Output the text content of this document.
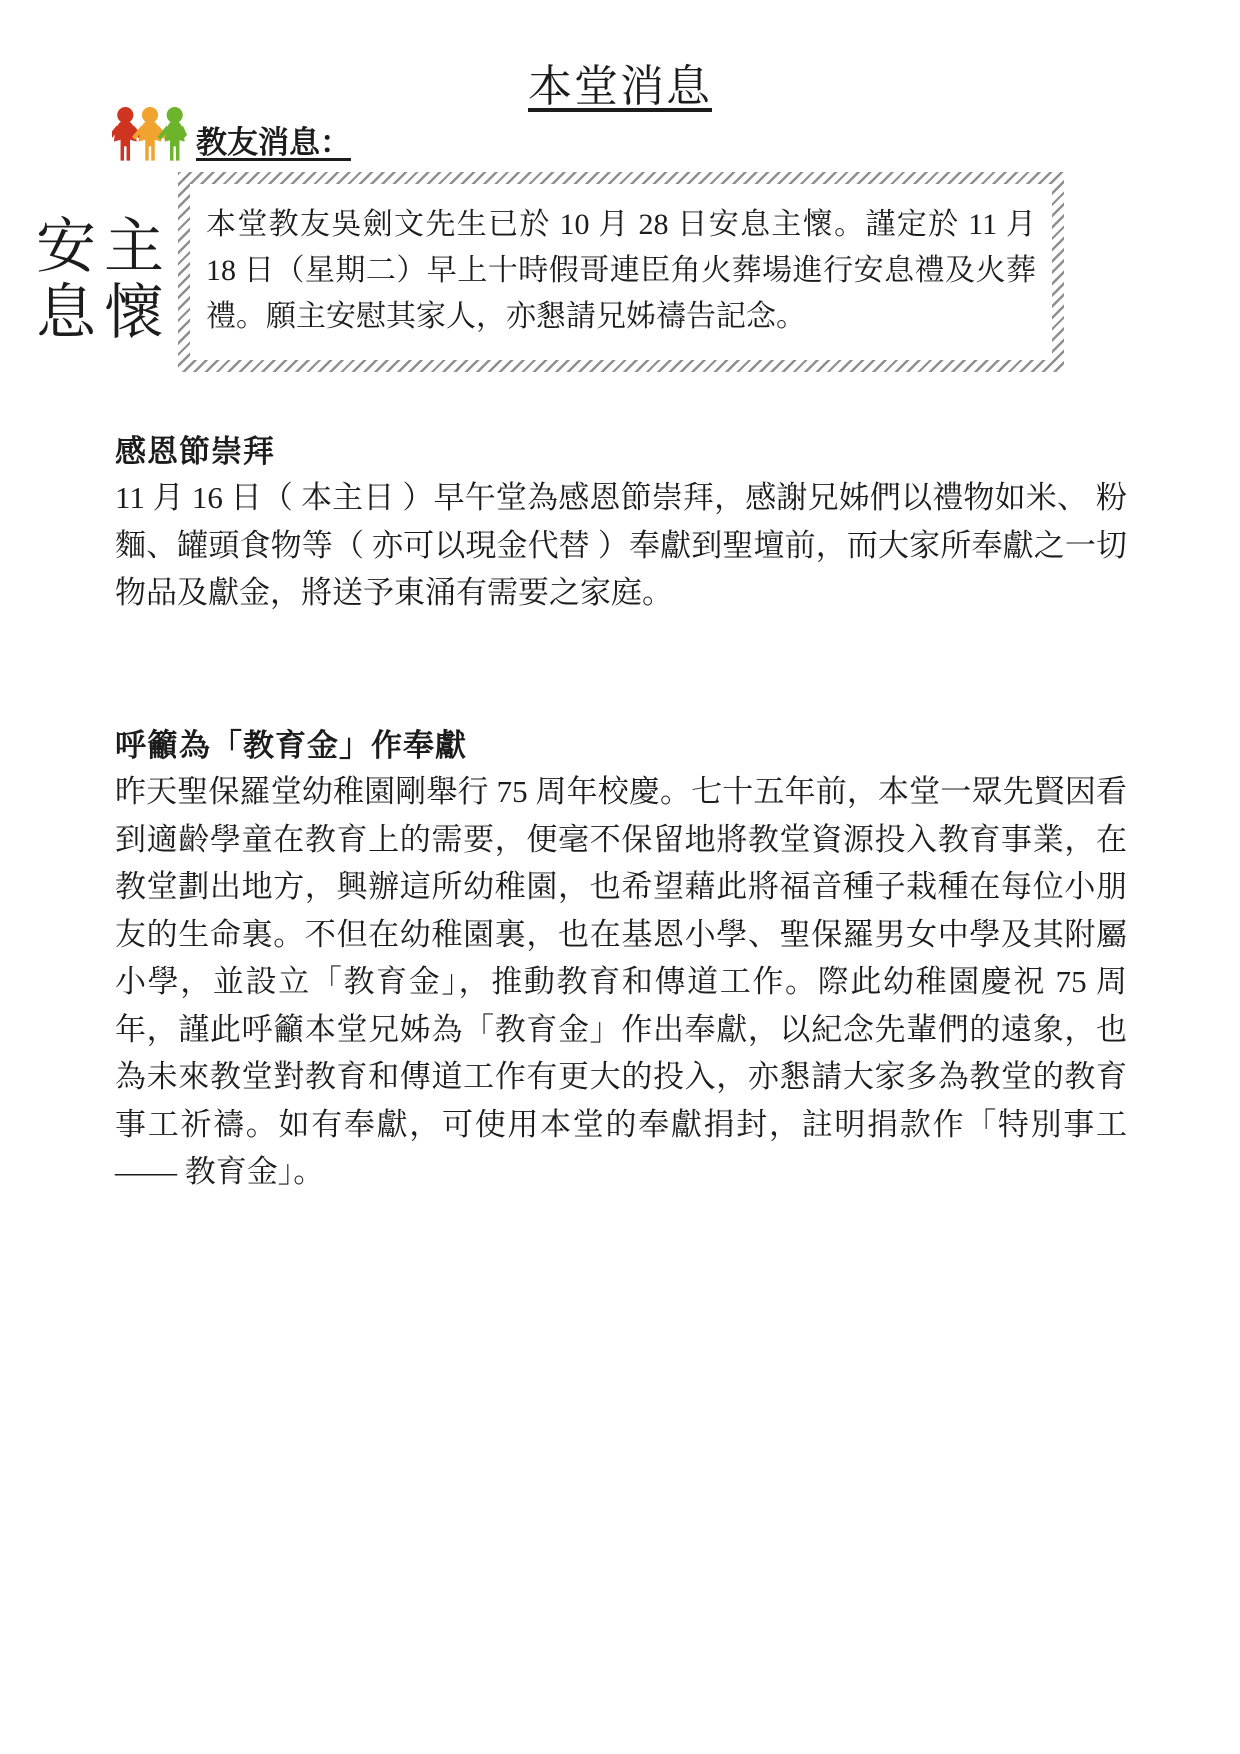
本堂消息
教友消息：
安 主
息 懷
本堂教友吳劍文先生已於 10 月 28 日安息主懷。謹定於 11 月 18 日（星期二）早上十時假哥連臣角火葬場進行安息禮及火葬禮。願主安慰其家人，亦懇請兄姊禱告記念。
感恩節崇拜
11 月 16 日（ 本主日 ）早午堂為感恩節崇拜，感謝兄姊們以禮物如米、 粉麵、罐頭食物等（ 亦可以現金代替 ）奉獻到聖壇前，而大家所奉獻之一切物品及獻金，將送予東涌有需要之家庭。
呼籲為「教育金」作奉獻
昨天聖保羅堂幼稚園剛舉行 75 周年校慶。七十五年前，本堂一眾先賢因看到適齡學童在教育上的需要，便毫不保留地將教堂資源投入教育事業，在教堂劃出地方，興辦這所幼稚園，也希望藉此將福音種子栽種在每位小朋友的生命裏。不但在幼稚園裏，也在基恩小學、聖保羅男女中學及其附屬小學，並設立「教育金」，推動教育和傳道工作。際此幼稚園慶祝 75 周年，謹此呼籲本堂兄姊為「教育金」作出奉獻，以紀念先輩們的遠象，也為未來教堂對教育和傳道工作有更大的投入，亦懇請大家多為教堂的教育事工祈禱。如有奉獻，可使用本堂的奉獻捐封，註明捐款作「特別事工 —— 教育金」。
